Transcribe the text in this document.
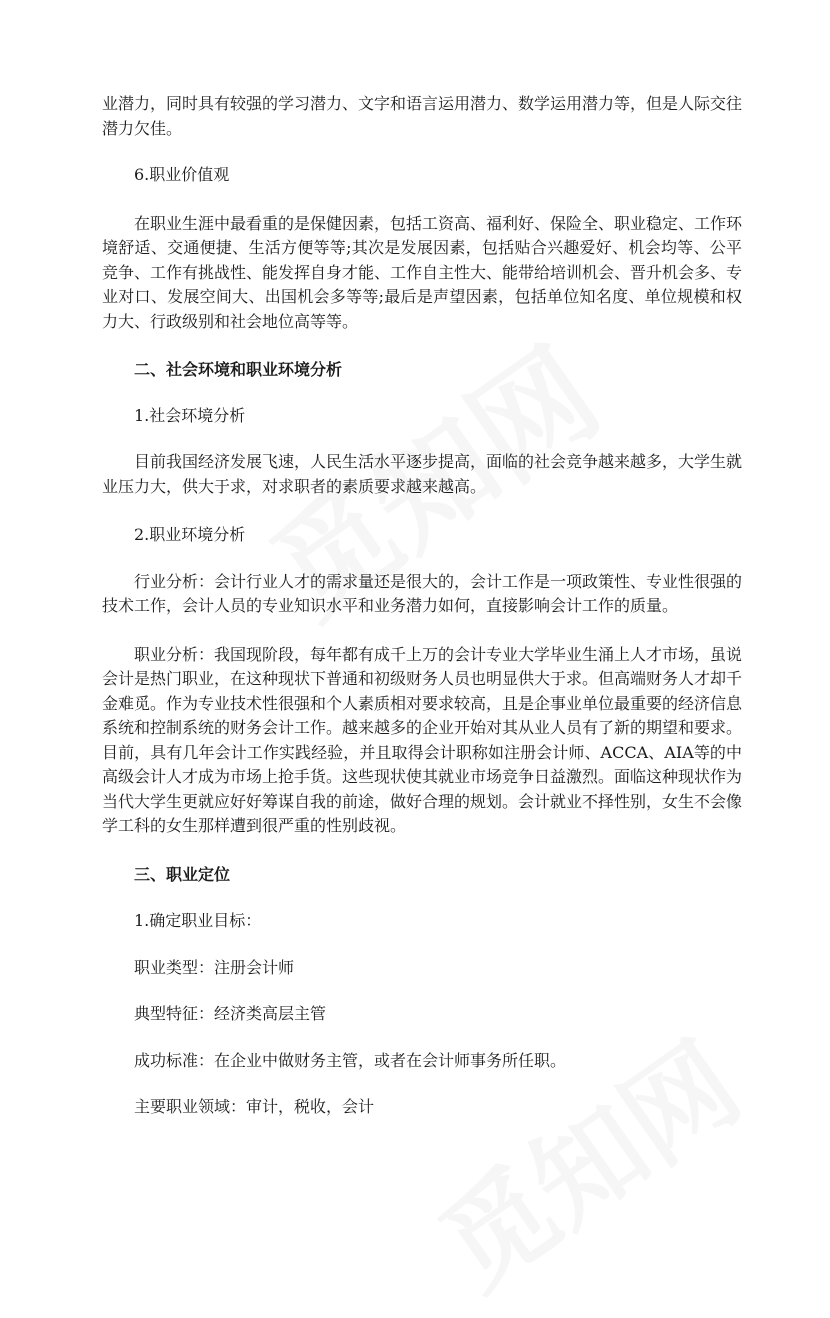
业潜力，同时具有较强的学习潜力、文字和语言运用潜力、数学运用潜力等，但是人际交往潜力欠佳。

6.职业价值观

在职业生涯中最看重的是保健因素，包括工资高、福利好、保险全、职业稳定、工作环境舒适、交通便捷、生活方便等等;其次是发展因素，包括贴合兴趣爱好、机会均等、公平竞争、工作有挑战性、能发挥自身才能、工作自主性大、能带给培训机会、晋升机会多、专业对口、发展空间大、出国机会多等等;最后是声望因素，包括单位知名度、单位规模和权力大、行政级别和社会地位高等等。

二、社会环境和职业环境分析

1.社会环境分析

目前我国经济发展飞速，人民生活水平逐步提高，面临的社会竞争越来越多，大学生就业压力大，供大于求，对求职者的素质要求越来越高。

2.职业环境分析

行业分析：会计行业人才的需求量还是很大的，会计工作是一项政策性、专业性很强的技术工作，会计人员的专业知识水平和业务潜力如何，直接影响会计工作的质量。

职业分析：我国现阶段，每年都有成千上万的会计专业大学毕业生涌上人才市场，虽说会计是热门职业，在这种现状下普通和初级财务人员也明显供大于求。但高端财务人才却千金难觅。作为专业技术性很强和个人素质相对要求较高，且是企事业单位最重要的经济信息系统和控制系统的财务会计工作。越来越多的企业开始对其从业人员有了新的期望和要求。目前，具有几年会计工作实践经验，并且取得会计职称如注册会计师、ACCA、AIA等的中高级会计人才成为市场上抢手货。这些现状使其就业市场竞争日益激烈。面临这种现状作为当代大学生更就应好好筹谋自我的前途，做好合理的规划。会计就业不择性别，女生不会像学工科的女生那样遭到很严重的性别歧视。

三、职业定位

1.确定职业目标：

职业类型：注册会计师

典型特征：经济类高层主管

成功标准：在企业中做财务主管，或者在会计师事务所任职。

主要职业领域：审计，税收，会计
